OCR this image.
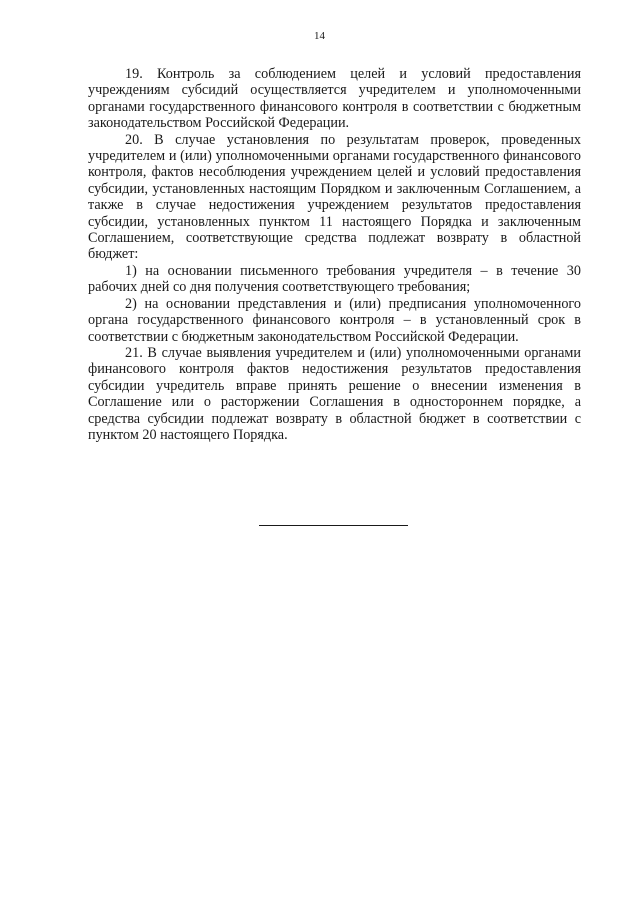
14

19. Контроль за соблюдением целей и условий предоставления учреждениям субсидий осуществляется учредителем и уполномоченными органами государственного финансового контроля в соответствии с бюджетным законодательством Российской Федерации.

20. В случае установления по результатам проверок, проведенных учредителем и (или) уполномоченными органами государственного финансового контроля, фактов несоблюдения учреждением целей и условий предоставления субсидии, установленных настоящим Порядком и заключенным Соглашением, а также в случае недостижения учреждением результатов предоставления субсидии, установленных пунктом 11 настоящего Порядка и заключенным Соглашением, соответствующие средства подлежат возврату в областной бюджет:

1) на основании письменного требования учредителя – в течение 30 рабочих дней со дня получения соответствующего требования;

2) на основании представления и (или) предписания уполномоченного органа государственного финансового контроля – в установленный срок в соответствии с бюджетным законодательством Российской Федерации.

21. В случае выявления учредителем и (или) уполномоченными органами финансового контроля фактов недостижения результатов предоставления субсидии учредитель вправе принять решение о внесении изменения в Соглашение или о расторжении Соглашения в одностороннем порядке, а средства субсидии подлежат возврату в областной бюджет в соответствии с пунктом 20 настоящего Порядка.
